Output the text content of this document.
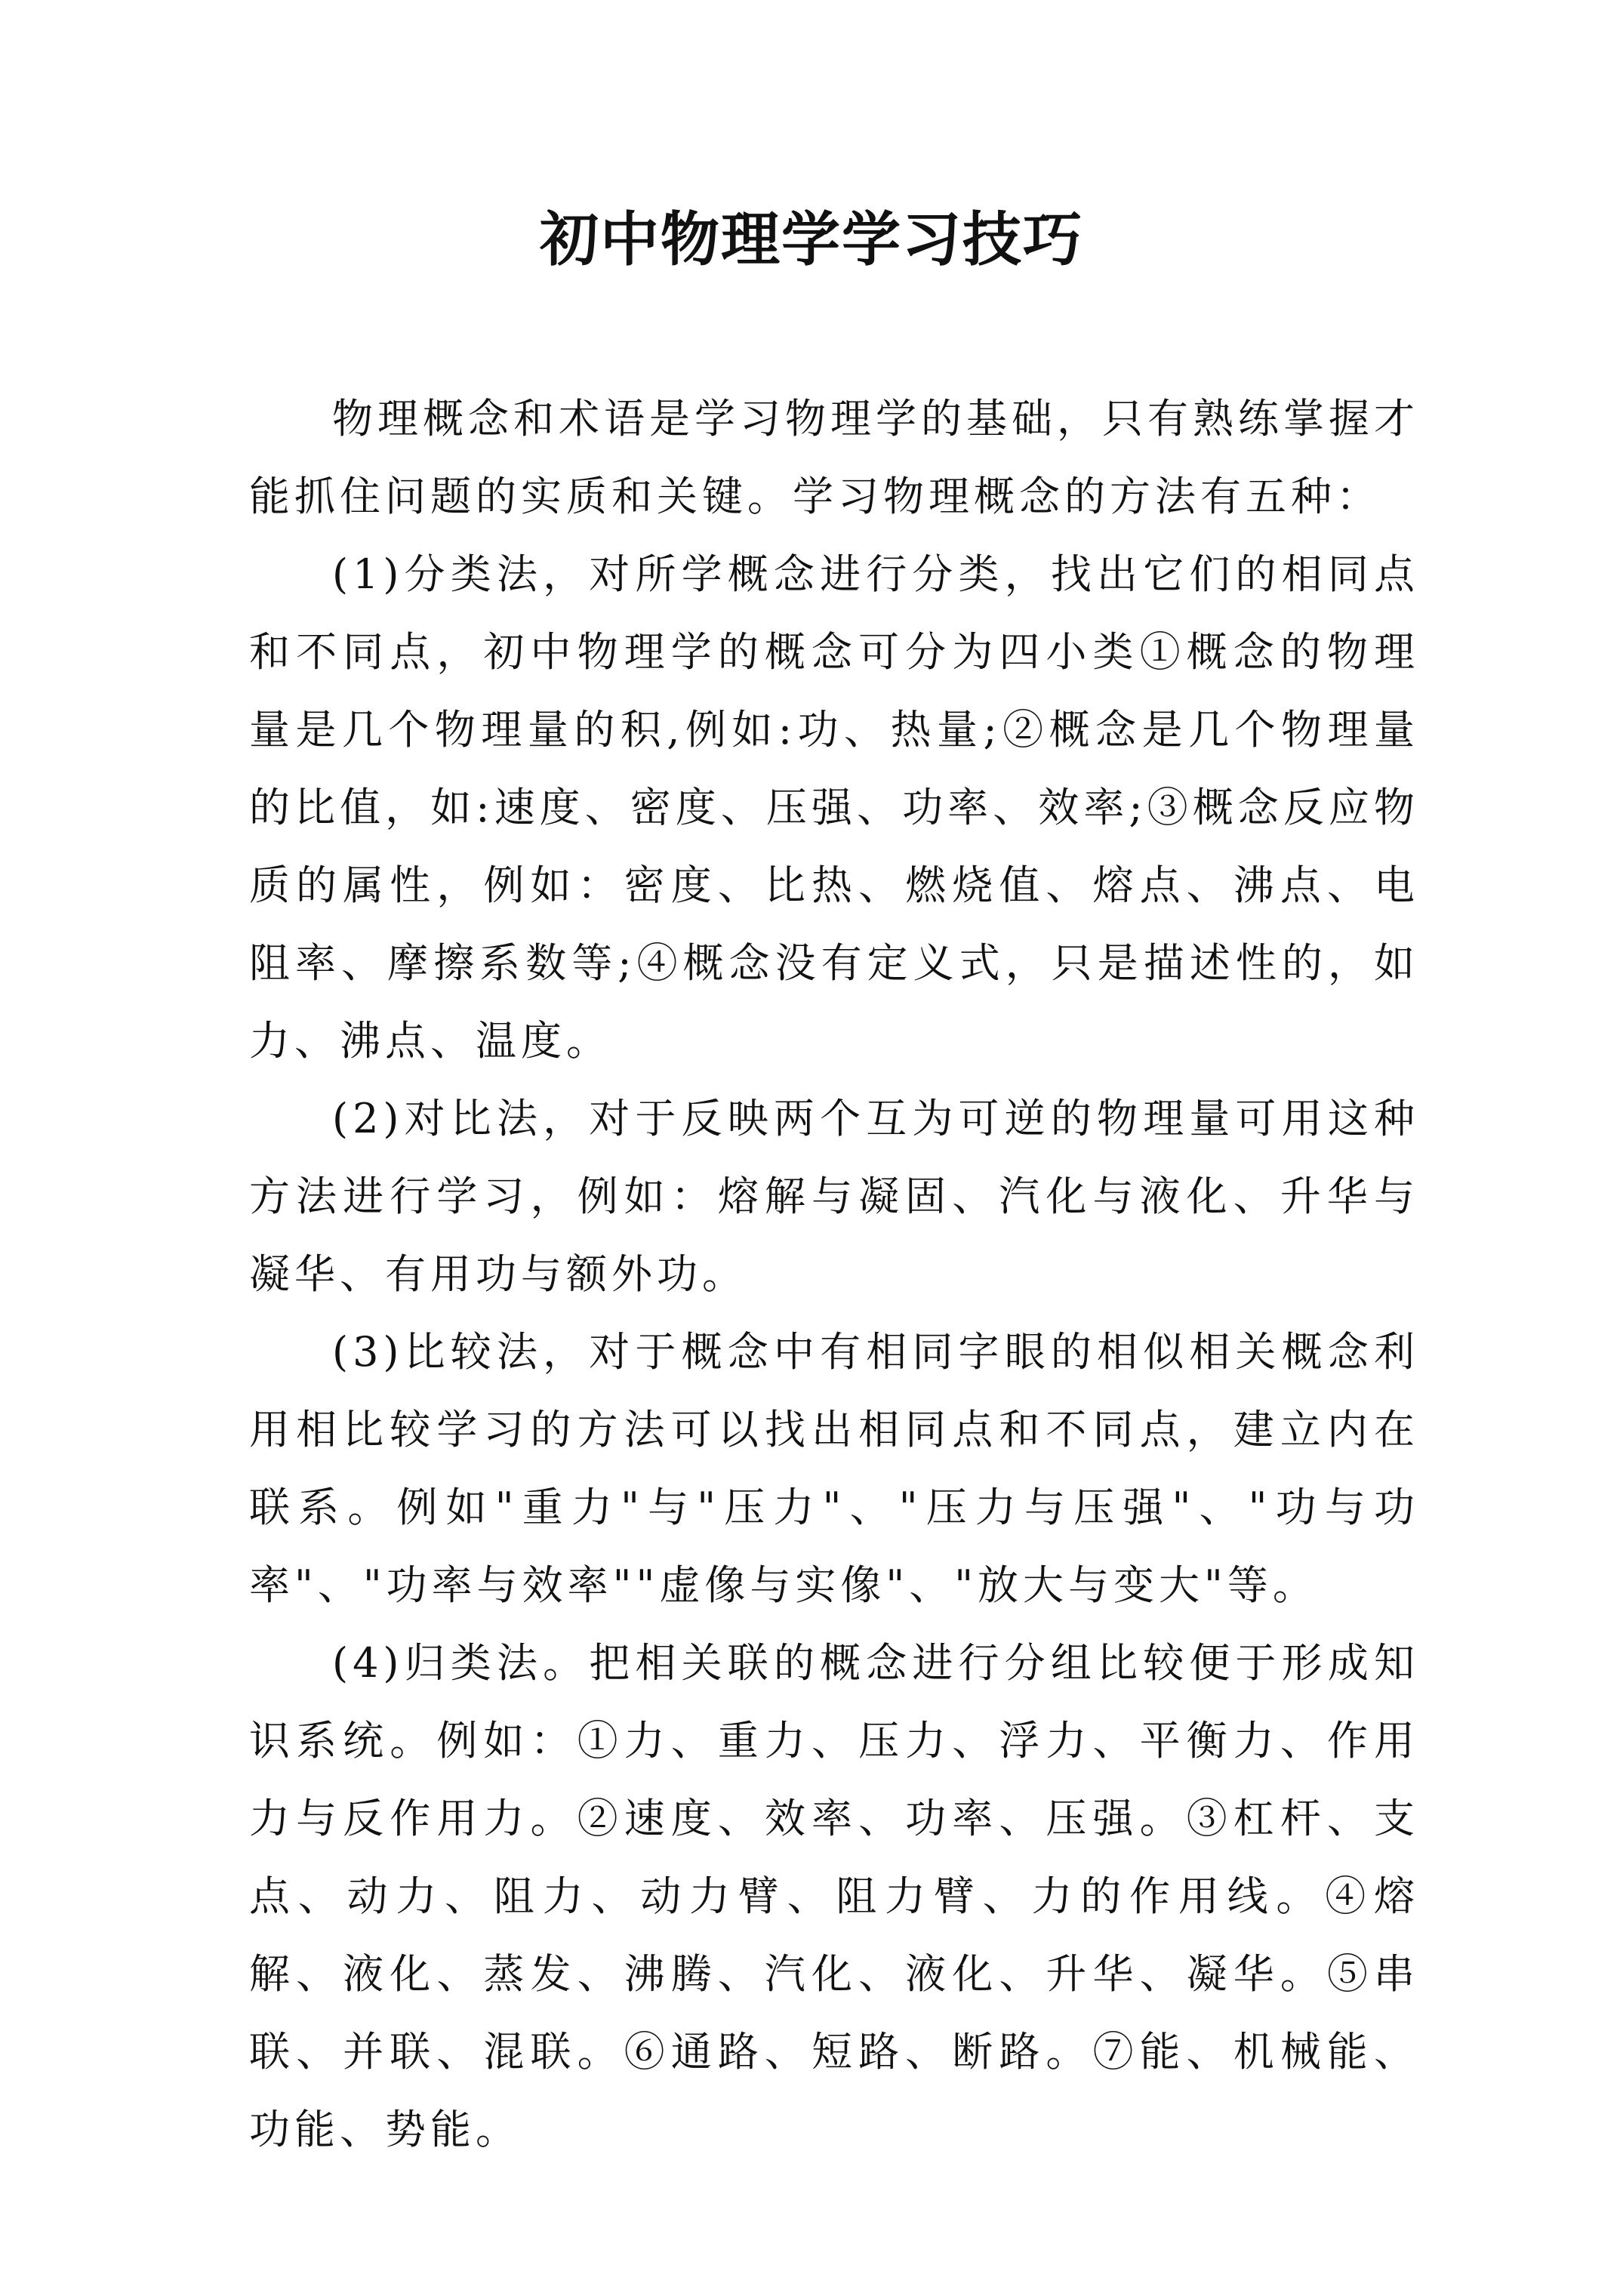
初中物理学学习技巧

物理概念和术语是学习物理学的基础，只有熟练掌握才能抓住问题的实质和关键。学习物理概念的方法有五种：

(1)分类法，对所学概念进行分类，找出它们的相同点和不同点，初中物理学的概念可分为四小类①概念的物理量是几个物理量的积,例如:功、热量;②概念是几个物理量的比值，如:速度、密度、压强、功率、效率;③概念反应物质的属性，例如：密度、比热、燃烧值、熔点、沸点、电阻率、摩擦系数等;④概念没有定义式，只是描述性的，如力、沸点、温度。

(2)对比法，对于反映两个互为可逆的物理量可用这种方法进行学习，例如：熔解与凝固、汽化与液化、升华与凝华、有用功与额外功。

(3)比较法，对于概念中有相同字眼的相似相关概念利用相比较学习的方法可以找出相同点和不同点，建立内在联系。例如"重力"与"压力"、"压力与压强"、"功与功率"、"功率与效率""虚像与实像"、"放大与变大"等。

(4)归类法。把相关联的概念进行分组比较便于形成知识系统。例如：①力、重力、压力、浮力、平衡力、作用力与反作用力。②速度、效率、功率、压强。③杠杆、支点、动力、阻力、动力臂、阻力臂、力的作用线。④熔解、液化、蒸发、沸腾、汽化、液化、升华、凝华。⑤串联、并联、混联。⑥通路、短路、断路。⑦能、机械能、功能、势能。
